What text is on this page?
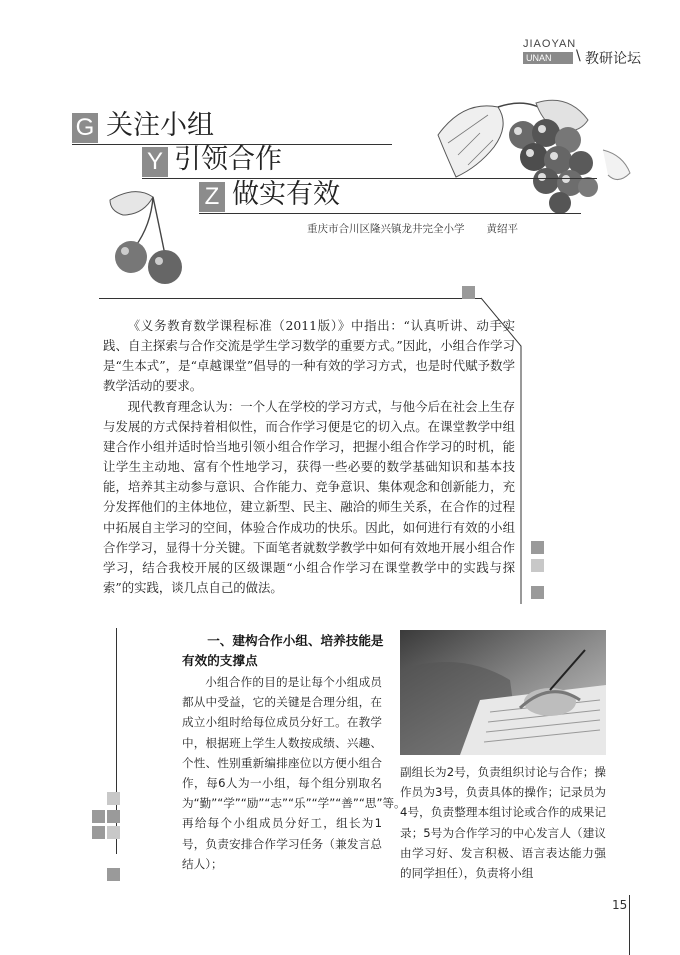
JIAOYAN
UNAN	\ 教研论坛
G 关注小组
Y 引领合作
Z 做实有效
重庆市合川区隆兴镇龙井完全小学 黄绍平
《义务教育数学课程标准（2011版）》中指出：“认真听讲、动手实践、自主探索与合作交流是学生学习数学的重要方式。”因此，小组合作学习是“生本式”，是“卓越课堂”倡导的一种有效的学习方式，也是时代赋予数学教学活动的要求。
现代教育理念认为：一个人在学校的学习方式，与他今后在社会上生存与发展的方式保持着相似性，而合作学习便是它的切入点。在课堂教学中组建合作小组并适时恰当地引领小组合作学习，把握小组合作学习的时机，能让学生主动地、富有个性地学习，获得一些必要的数学基础知识和基本技能，培养其主动参与意识、合作能力、竞争意识、集体观念和创新能力，充分发挥他们的主体地位，建立新型、民主、融洽的师生关系，在合作的过程中拓展自主学习的空间，体验合作成功的快乐。因此，如何进行有效的小组合作学习，显得十分关键。下面笔者就数学教学中如何有效地开展小组合作学习，结合我校开展的区级课题“小组合作学习在课堂教学中的实践与探索”的实践，谈几点自己的做法。
一、建构合作小组、培养技能是有效的支撑点
小组合作的目的是让每个小组成员都从中受益，它的关键是合理分组，在成立小组时给每位成员分好工。在教学中，根据班上学生人数按成绩、兴趣、个性、性别重新编排座位以方便小组合作，每6人为一小组，每个组分别取名为“勤”“学”“励”“志”“乐”“学”“善”“思”等。再给每个小组成员分好工，组长为1号，负责安排合作学习任务（兼发言总结人）；
副组长为2号，负责组织讨论与合作；操作员为3号，负责具体的操作；记录员为4号，负责整理本组讨论或合作的成果记录；5号为合作学习的中心发言人（建议由学习好、发言积极、语言表达能力强的同学担任），负责将小组
15
